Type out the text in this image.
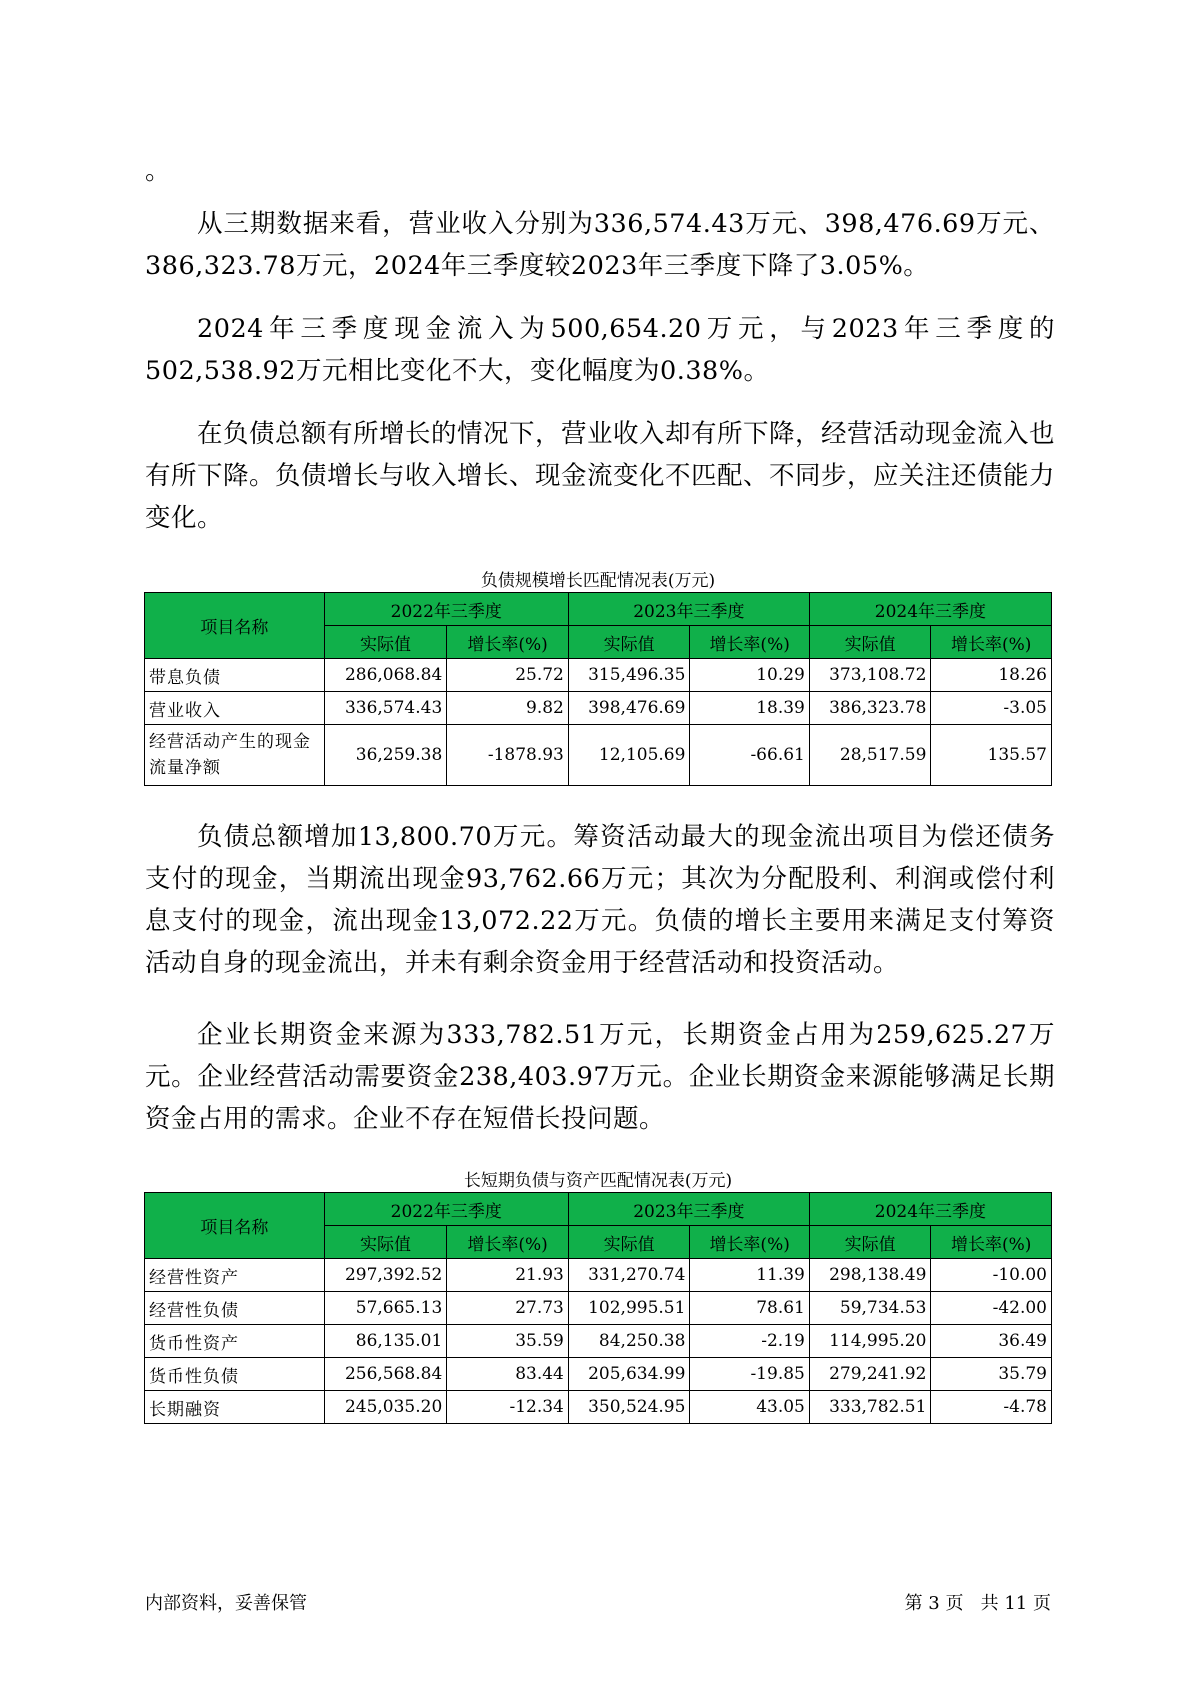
。

从三期数据来看，营业收入分别为336,574.43万元、398,476.69万元、386,323.78万元，2024年三季度较2023年三季度下降了3.05%。

2024年三季度现金流入为500,654.20万元，与2023年三季度的502,538.92万元相比变化不大，变化幅度为0.38%。

在负债总额有所增长的情况下，营业收入却有所下降，经营活动现金流入也有所下降。负债增长与收入增长、现金流变化不匹配、不同步，应关注还债能力变化。

负债规模增长匹配情况表(万元)
项目名称	2022年三季度		2023年三季度		2024年三季度	
	实际值	增长率(%)	实际值	增长率(%)	实际值	增长率(%)
带息负债	286,068.84	25.72	315,496.35	10.29	373,108.72	18.26
营业收入	336,574.43	9.82	398,476.69	18.39	386,323.78	-3.05
经营活动产生的现金流量净额	36,259.38	-1878.93	12,105.69	-66.61	28,517.59	135.57

负债总额增加13,800.70万元。筹资活动最大的现金流出项目为偿还债务支付的现金，当期流出现金93,762.66万元；其次为分配股利、利润或偿付利息支付的现金，流出现金13,072.22万元。负债的增长主要用来满足支付筹资活动自身的现金流出，并未有剩余资金用于经营活动和投资活动。

企业长期资金来源为333,782.51万元，长期资金占用为259,625.27万元。企业经营活动需要资金238,403.97万元。企业长期资金来源能够满足长期资金占用的需求。企业不存在短借长投问题。

长短期负债与资产匹配情况表(万元)
项目名称	2022年三季度		2023年三季度		2024年三季度	
	实际值	增长率(%)	实际值	增长率(%)	实际值	增长率(%)
经营性资产	297,392.52	21.93	331,270.74	11.39	298,138.49	-10.00
经营性负债	57,665.13	27.73	102,995.51	78.61	59,734.53	-42.00
货币性资产	86,135.01	35.59	84,250.38	-2.19	114,995.20	36.49
货币性负债	256,568.84	83.44	205,634.99	-19.85	279,241.92	35.79
长期融资	245,035.20	-12.34	350,524.95	43.05	333,782.51	-4.78
内部资料，妥善保管	第 3 页   共 11 页
